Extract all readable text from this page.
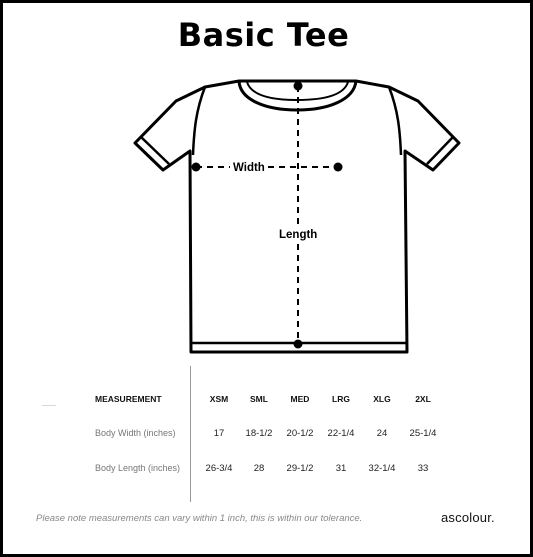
Basic Tee
Width
Length
MEASUREMENT	XSM	SML	MED	LRG	XLG	2XL
Body Width (inches)	17	18-1/2	20-1/2	22-1/4	24	25-1/4
Body Length (inches)	26-3/4	28	29-1/2	31	32-1/4	33
Please note measurements can vary within 1 inch, this is within our tolerance.	ascolour.
